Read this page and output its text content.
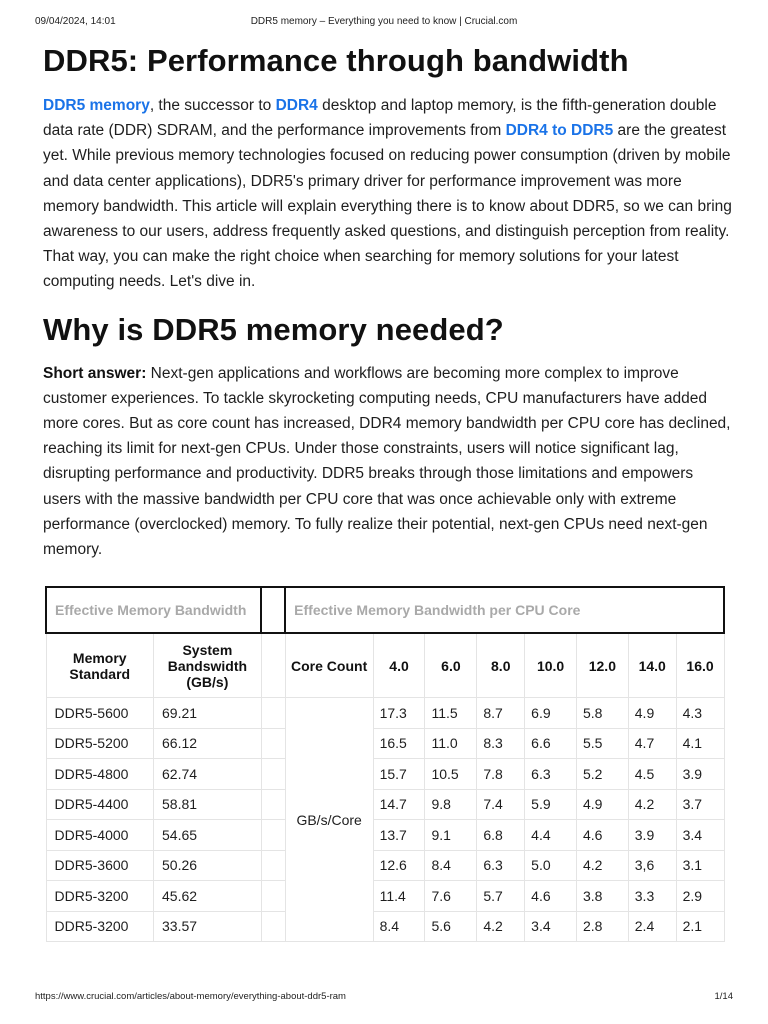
09/04/2024, 14:01	DDR5 memory – Everything you need to know | Crucial.com
DDR5: Performance through bandwidth

DDR5 memory, the successor to DDR4 desktop and laptop memory, is the fifth-generation double data rate (DDR) SDRAM, and the performance improvements from DDR4 to DDR5 are the greatest yet. While previous memory technologies focused on reducing power consumption (driven by mobile and data center applications), DDR5's primary driver for performance improvement was more memory bandwidth. This article will explain everything there is to know about DDR5, so we can bring awareness to our users, address frequently asked questions, and distinguish perception from reality. That way, you can make the right choice when searching for memory solutions for your latest computing needs. Let's dive in.

Why is DDR5 memory needed?

Short answer: Next-gen applications and workflows are becoming more complex to improve customer experiences. To tackle skyrocketing computing needs, CPU manufacturers have added more cores. But as core count has increased, DDR4 memory bandwidth per CPU core has declined, reaching its limit for next-gen CPUs. Under those constraints, users will notice significant lag, disrupting performance and productivity. DDR5 breaks through those limitations and empowers users with the massive bandwidth per CPU core that was once achievable only with extreme performance (overclocked) memory. To fully realize their potential, next-gen CPUs need next-gen memory.

Effective Memory Bandwidth			Effective Memory Bandwidth per CPU Core							
Memory Standard	System Bandswidth (GB/s)		Core Count	4.0	6.0	8.0	10.0	12.0	14.0	16.0
DDR5-5600	69.21		GB/s/Core	17.3	11.5	8.7	6.9	5.8	4.9	4.3
DDR5-5200	66.12			16.5	11.0	8.3	6.6	5.5	4.7	4.1
DDR5-4800	62.74			15.7	10.5	7.8	6.3	5.2	4.5	3.9
DDR5-4400	58.81			14.7	9.8	7.4	5.9	4.9	4.2	3.7
DDR5-4000	54.65			13.7	9.1	6.8	4.4	4.6	3.9	3.4
DDR5-3600	50.26			12.6	8.4	6.3	5.0	4.2	3,6	3.1
DDR5-3200	45.62			11.4	7.6	5.7	4.6	3.8	3.3	2.9
DDR5-3200	33.57			8.4	5.6	4.2	3.4	2.8	2.4	2.1
https://www.crucial.com/articles/about-memory/everything-about-ddr5-ram	1/14
